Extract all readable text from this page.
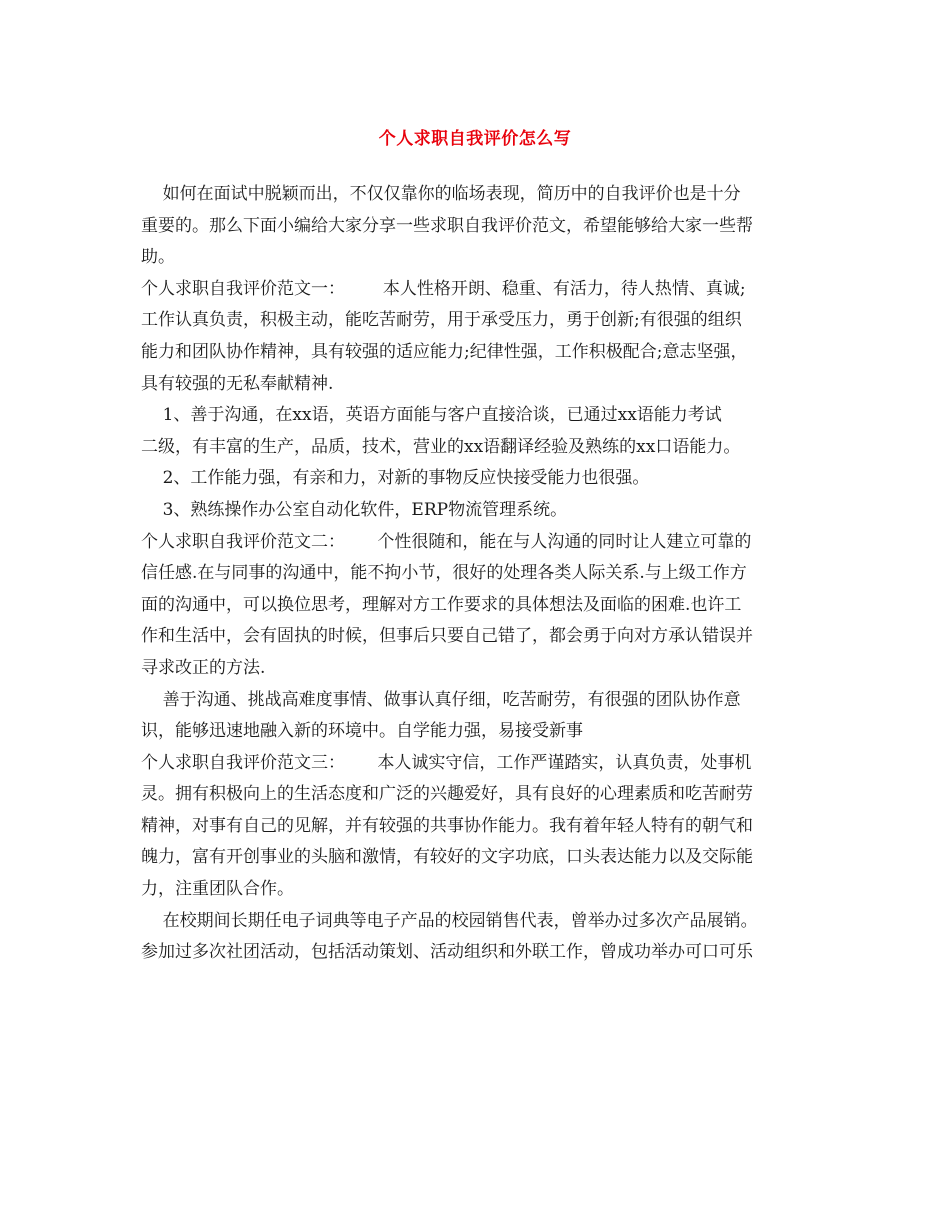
个人求职自我评价怎么写
如何在面试中脱颖而出，不仅仅靠你的临场表现，简历中的自我评价也是十分
重要的。那么下面小编给大家分享一些求职自我评价范文，希望能够给大家一些帮
助。
个人求职自我评价范文一：       本人性格开朗、稳重、有活力，待人热情、真诚;
工作认真负责，积极主动，能吃苦耐劳，用于承受压力，勇于创新;有很强的组织
能力和团队协作精神，具有较强的适应能力;纪律性强，工作积极配合;意志坚强，
具有较强的无私奉献精神.
1、善于沟通，在xx语，英语方面能与客户直接洽谈，已通过xx语能力考试
二级，有丰富的生产，品质，技术，营业的xx语翻译经验及熟练的xx口语能力。
2、工作能力强，有亲和力，对新的事物反应快接受能力也很强。
3、熟练操作办公室自动化软件，ERP物流管理系统。
个人求职自我评价范文二：      个性很随和，能在与人沟通的同时让人建立可靠的
信任感.在与同事的沟通中，能不拘小节，很好的处理各类人际关系.与上级工作方
面的沟通中，可以换位思考，理解对方工作要求的具体想法及面临的困难.也许工
作和生活中，会有固执的时候，但事后只要自己错了，都会勇于向对方承认错误并
寻求改正的方法.
善于沟通、挑战高难度事情、做事认真仔细，吃苦耐劳，有很强的团队协作意
识，能够迅速地融入新的环境中。自学能力强，易接受新事
个人求职自我评价范文三：      本人诚实守信，工作严谨踏实，认真负责，处事机
灵。拥有积极向上的生活态度和广泛的兴趣爱好，具有良好的心理素质和吃苦耐劳
精神，对事有自己的见解，并有较强的共事协作能力。我有着年轻人特有的朝气和
魄力，富有开创事业的头脑和激情，有较好的文字功底，口头表达能力以及交际能
力，注重团队合作。
在校期间长期任电子词典等电子产品的校园销售代表，曾举办过多次产品展销。
参加过多次社团活动，包括活动策划、活动组织和外联工作，曾成功举办可口可乐
